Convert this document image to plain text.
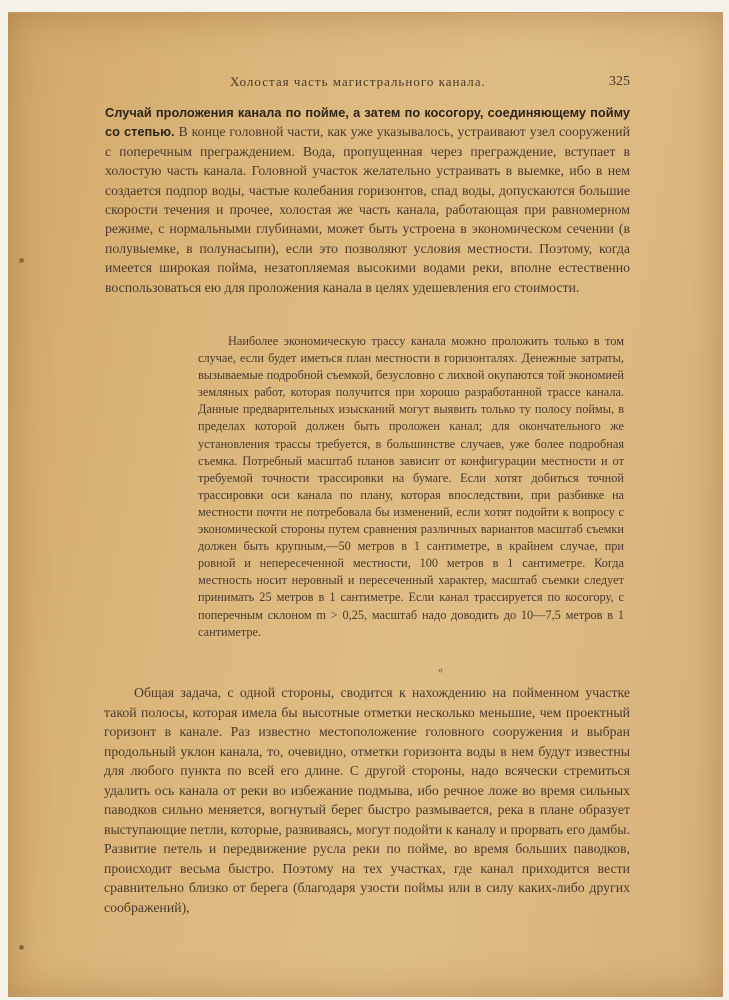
Холостая часть магистрального канала.	325

Случай проложения канала по пойме, а затем по косогору, соединяющему пойму со степью. В конце головной части, как уже указывалось, устраивают узел сооружений с поперечным преграждением. Вода, пропущенная через преграждение, вступает в холостую часть канала. Головной участок желательно устраивать в выемке, ибо в нем создается подпор воды, частые колебания горизонтов, спад воды, допускаются большие скорости течения и прочее, холостая же часть канала, работающая при равномерном режиме, с нормальными глубинами, может быть устроена в экономическом сечении (в полувыемке, в полунасыпи), если это позволяют условия местности. Поэтому, когда имеется широкая пойма, незатопляемая высокими водами реки, вполне естественно воспользоваться ею для проложения канала в целях удешевления его стоимости.

Наиболее экономическую трассу канала можно проложить только в том случае, если будет иметься план местности в горизонталях. Денежные затраты, вызываемые подробной съемкой, безусловно с лихвой окупаются той экономией земляных работ, которая получится при хорошо разработанной трассе канала. Данные предварительных изысканий могут выявить только ту полосу поймы, в пределах которой должен быть проложен канал; для окончательного же установления трассы требуется, в большинстве случаев, уже более подробная съемка. Потребный масштаб планов зависит от конфигурации местности и от требуемой точности трассировки на бумаге. Если хотят добиться точной трассировки оси канала по плану, которая впоследствии, при разбивке на местности почти не потребовала бы изменений, если хотят подойти к вопросу с экономической стороны путем сравнения различных вариантов масштаб съемки должен быть крупным,—50 метров в 1 сантиметре, в крайнем случае, при ровной и непересеченной местности, 100 метров в 1 сантиметре. Когда местность носит неровный и пересеченный характер, масштаб съемки следует принимать 25 метров в 1 сантиметре. Если канал трассируется по косогору, с поперечным склоном m > 0,25, масштаб надо доводить до 10—7,5 метров в 1 сантиметре.

«

Общая задача, с одной стороны, сводится к нахождению на пойменном участке такой полосы, которая имела бы высотные отметки несколько меньшие, чем проектный горизонт в канале. Раз известно местоположение головного сооружения и выбран продольный уклон канала, то, очевидно, отметки горизонта воды в нем будут известны для любого пункта по всей его длине. С другой стороны, надо всячески стремиться удалить ось канала от реки во избежание подмыва, ибо речное ложе во время сильных паводков сильно меняется, вогнутый берег быстро размывается, река в плане образует выступающие петли, которые, развиваясь, могут подойти к каналу и прорвать его дамбы. Развитие петель и передвижение русла реки по пойме, во время больших паводков, происходит весьма быстро. Поэтому на тех участках, где канал приходится вести сравнительно близко от берега (благодаря узости поймы или в силу каких-либо других соображений),
